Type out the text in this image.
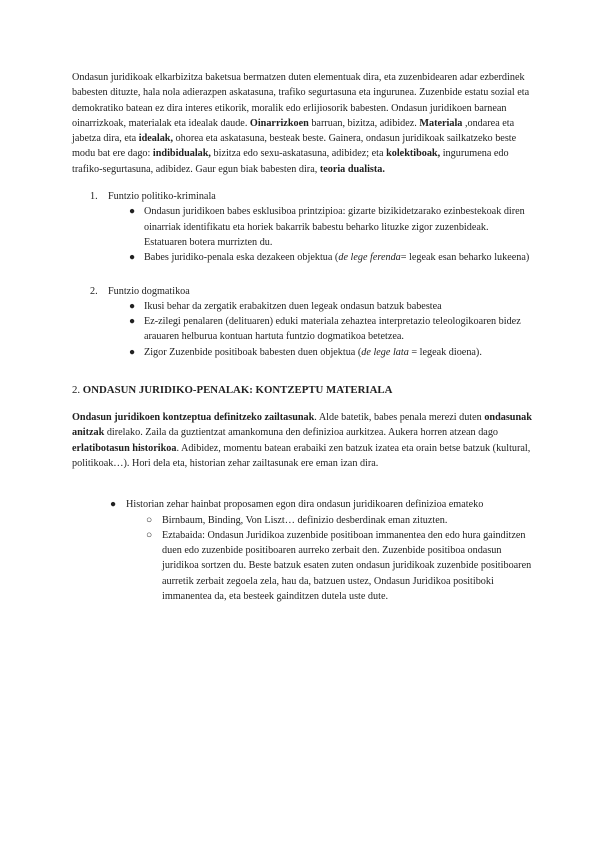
Ondasun juridikoak elkarbizitza baketsua bermatzen duten elementuak dira, eta zuzenbidearen adar ezberdinek babesten dituzte, hala nola adierazpen askatasuna, trafiko segurtasuna eta ingurunea. Zuzenbide estatu sozial eta demokratiko batean ez dira interes etikorik, moralik edo erlijiosorik babesten. Ondasun juridikoen barnean oinarrizkoak, materialak eta idealak daude. Oinarrizkoen barruan, bizitza, adibidez. Materiala ,ondarea eta jabetza dira, eta idealak, ohorea eta askatasuna, besteak beste. Gainera, ondasun juridikoak sailkatzeko beste modu bat ere dago: indibidualak, bizitza edo sexu-askatasuna, adibidez; eta kolektiboak, ingurumena edo trafiko-segurtasuna, adibidez. Gaur egun biak babesten dira, teoria dualista.

1.	Funtzio politiko-kriminala
● Ondasun juridikoen babes esklusiboa printzipioa: gizarte bizikidetzarako ezinbestekoak diren oinarriak identifikatu eta horiek bakarrik babestu beharko lituzke zigor zuzenbideak. Estatuaren botera murrizten du.
● Babes juridiko-penala eska dezakeen objektua (de lege ferenda= legeak esan beharko lukeena)
2.	Funtzio dogmatikoa
● Ikusi behar da zergatik erabakitzen duen legeak ondasun batzuk babestea
● Ez-zilegi penalaren (delituaren) eduki materiala zehaztea interpretazio teleologikoaren bidez arauaren helburua kontuan hartuta funtzio dogmatikoa betetzea.
● Zigor Zuzenbide positiboak babesten duen objektua (de lege lata = legeak dioena).

2. ONDASUN JURIDIKO-PENALAK: KONTZEPTU MATERIALA

Ondasun juridikoen kontzeptua definitzeko zailtasunak. Alde batetik, babes penala merezi duten ondasunak anitzak direlako. Zaila da guztientzat amankomuna den definizioa aurkitzea. Aukera horren atzean dago erlatibotasun historikoa. Adibidez, momentu batean erabaiki zen batzuk izatea eta orain betse batzuk (kultural, politikoak…). Hori dela eta, historian zehar zailtasunak ere eman izan dira.

● Historian zehar hainbat proposamen egon dira ondasun juridikoaren definizioa emateko
○ Birnbaum, Binding, Von Liszt… definizio desberdinak eman zituzten.
○ Eztabaida: Ondasun Juridikoa zuzenbide positiboan immanentea den edo hura gainditzen duen edo zuzenbide positiboaren aurreko zerbait den. Zuzenbide positiboa ondasun juridikoa sortzen du. Beste batzuk esaten zuten ondasun juridikoak zuzenbide positiboaren aurretik zerbait zegoela zela, hau da, batzuen ustez, Ondasun Juridikoa positiboki immanentea da, eta besteek gainditzen dutela uste dute.
